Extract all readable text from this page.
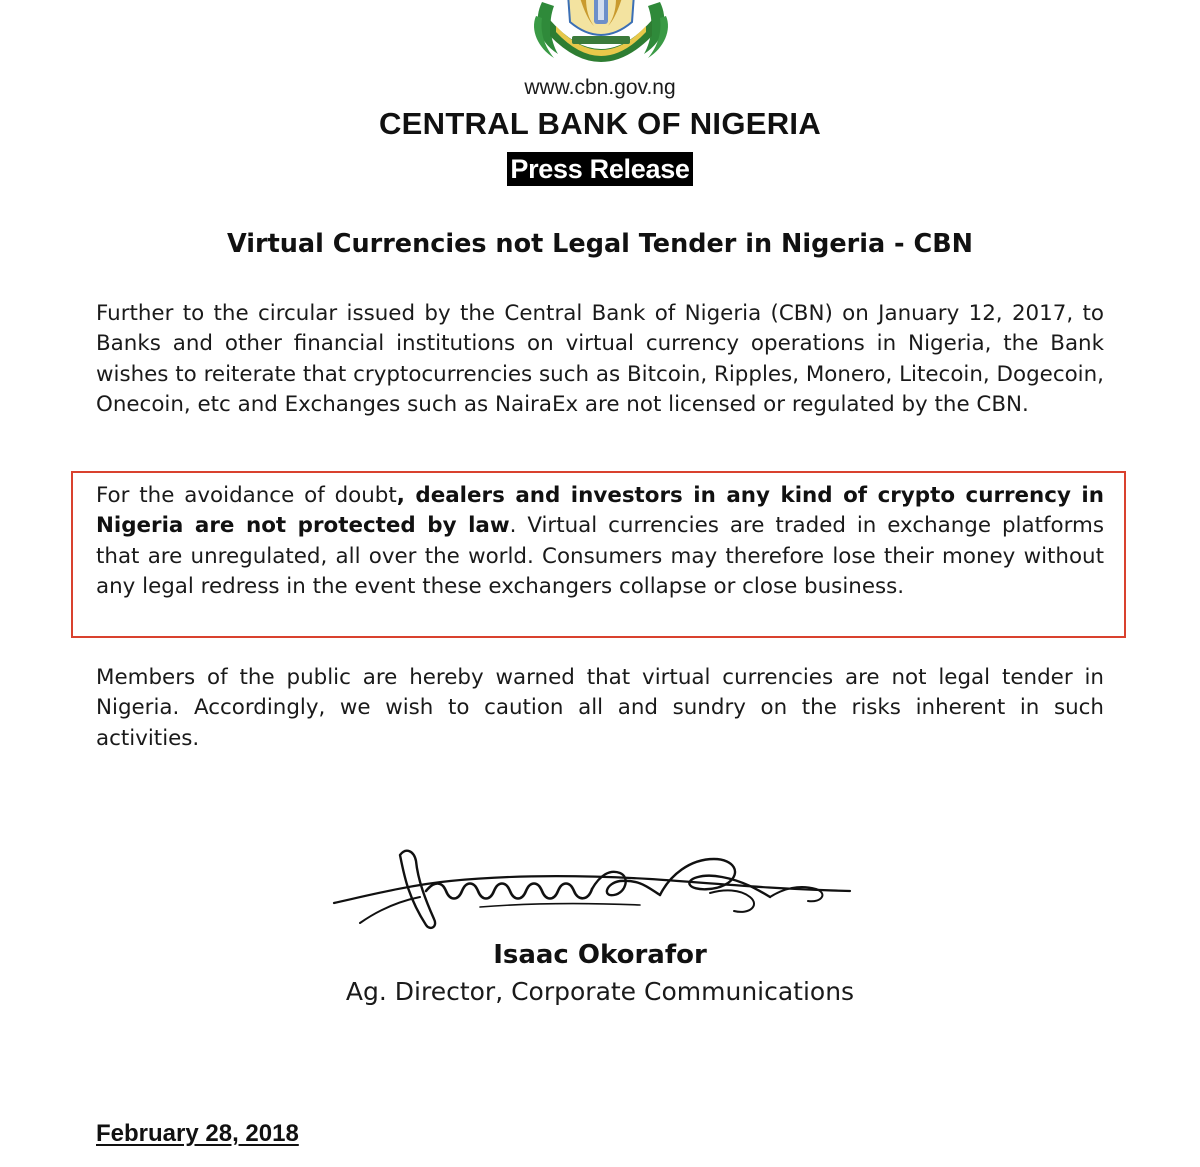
www.cbn.gov.ng
CENTRAL BANK OF NIGERIA
Press Release
Virtual Currencies not Legal Tender in Nigeria - CBN

Further to the circular issued by the Central Bank of Nigeria (CBN) on January 12, 2017, to Banks and other financial institutions on virtual currency operations in Nigeria, the Bank wishes to reiterate that cryptocurrencies such as Bitcoin, Ripples, Monero, Litecoin, Dogecoin, Onecoin, etc and Exchanges such as NairaEx are not licensed or regulated by the CBN.

For the avoidance of doubt, dealers and investors in any kind of crypto currency in Nigeria are not protected by law. Virtual currencies are traded in exchange platforms that are unregulated, all over the world. Consumers may therefore lose their money without any legal redress in the event these exchangers collapse or close business.

Members of the public are hereby warned that virtual currencies are not legal tender in Nigeria. Accordingly, we wish to caution all and sundry on the risks inherent in such activities.

Isaac Okorafor
Ag. Director, Corporate Communications
February 28, 2018
